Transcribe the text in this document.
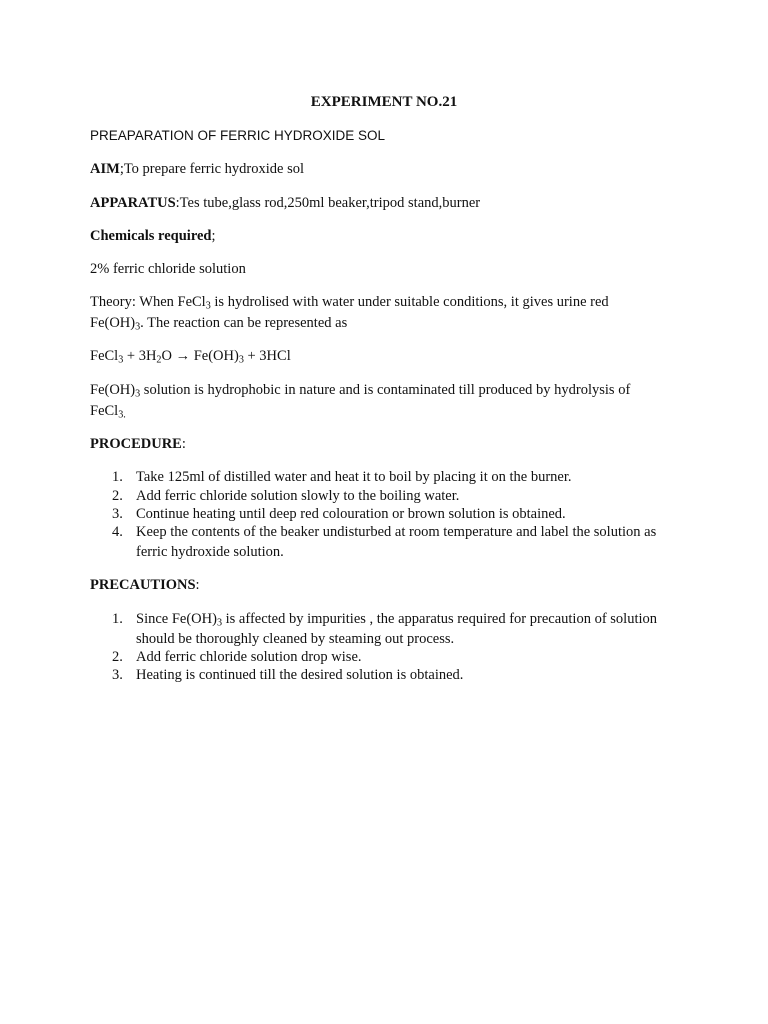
EXPERIMENT NO.21
PREAPARATION OF FERRIC HYDROXIDE SOL
AIM;To prepare ferric hydroxide sol
APPARATUS:Tes tube,glass rod,250ml beaker,tripod stand,burner
Chemicals required;
2% ferric chloride solution
Theory: When FeCl$_3$ is hydrolised with water under suitable conditions, it gives urine red
$Fe(OH)_3$. The reaction can be represented as
FeCl$_3$ + $3H_2O \to Fe(OH)_3 + 3HCl$
$Fe(OH)_3$ solution is hydrophobic in nature and is contaminated till produced by hydrolysis of
FeCl$_{3.}$
PROCEDURE:
1. Take 125ml of distilled water and heat it to boil by placing it on the burner.
2. Add ferric chloride solution slowly to the boiling water.
3. Continue heating until deep red colouration or brown solution is obtained.
4. Keep the contents of the beaker undisturbed at room temperature and label the solution as
ferric hydroxide solution.
PRECAUTIONS:
1. Since $Fe(OH)_3$ is affected by impurities , the apparatus required for precaution of solution
should be thoroughly cleaned by steaming out process.
2. Add ferric chloride solution drop wise.
3. Heating is continued till the desired solution is obtained.
